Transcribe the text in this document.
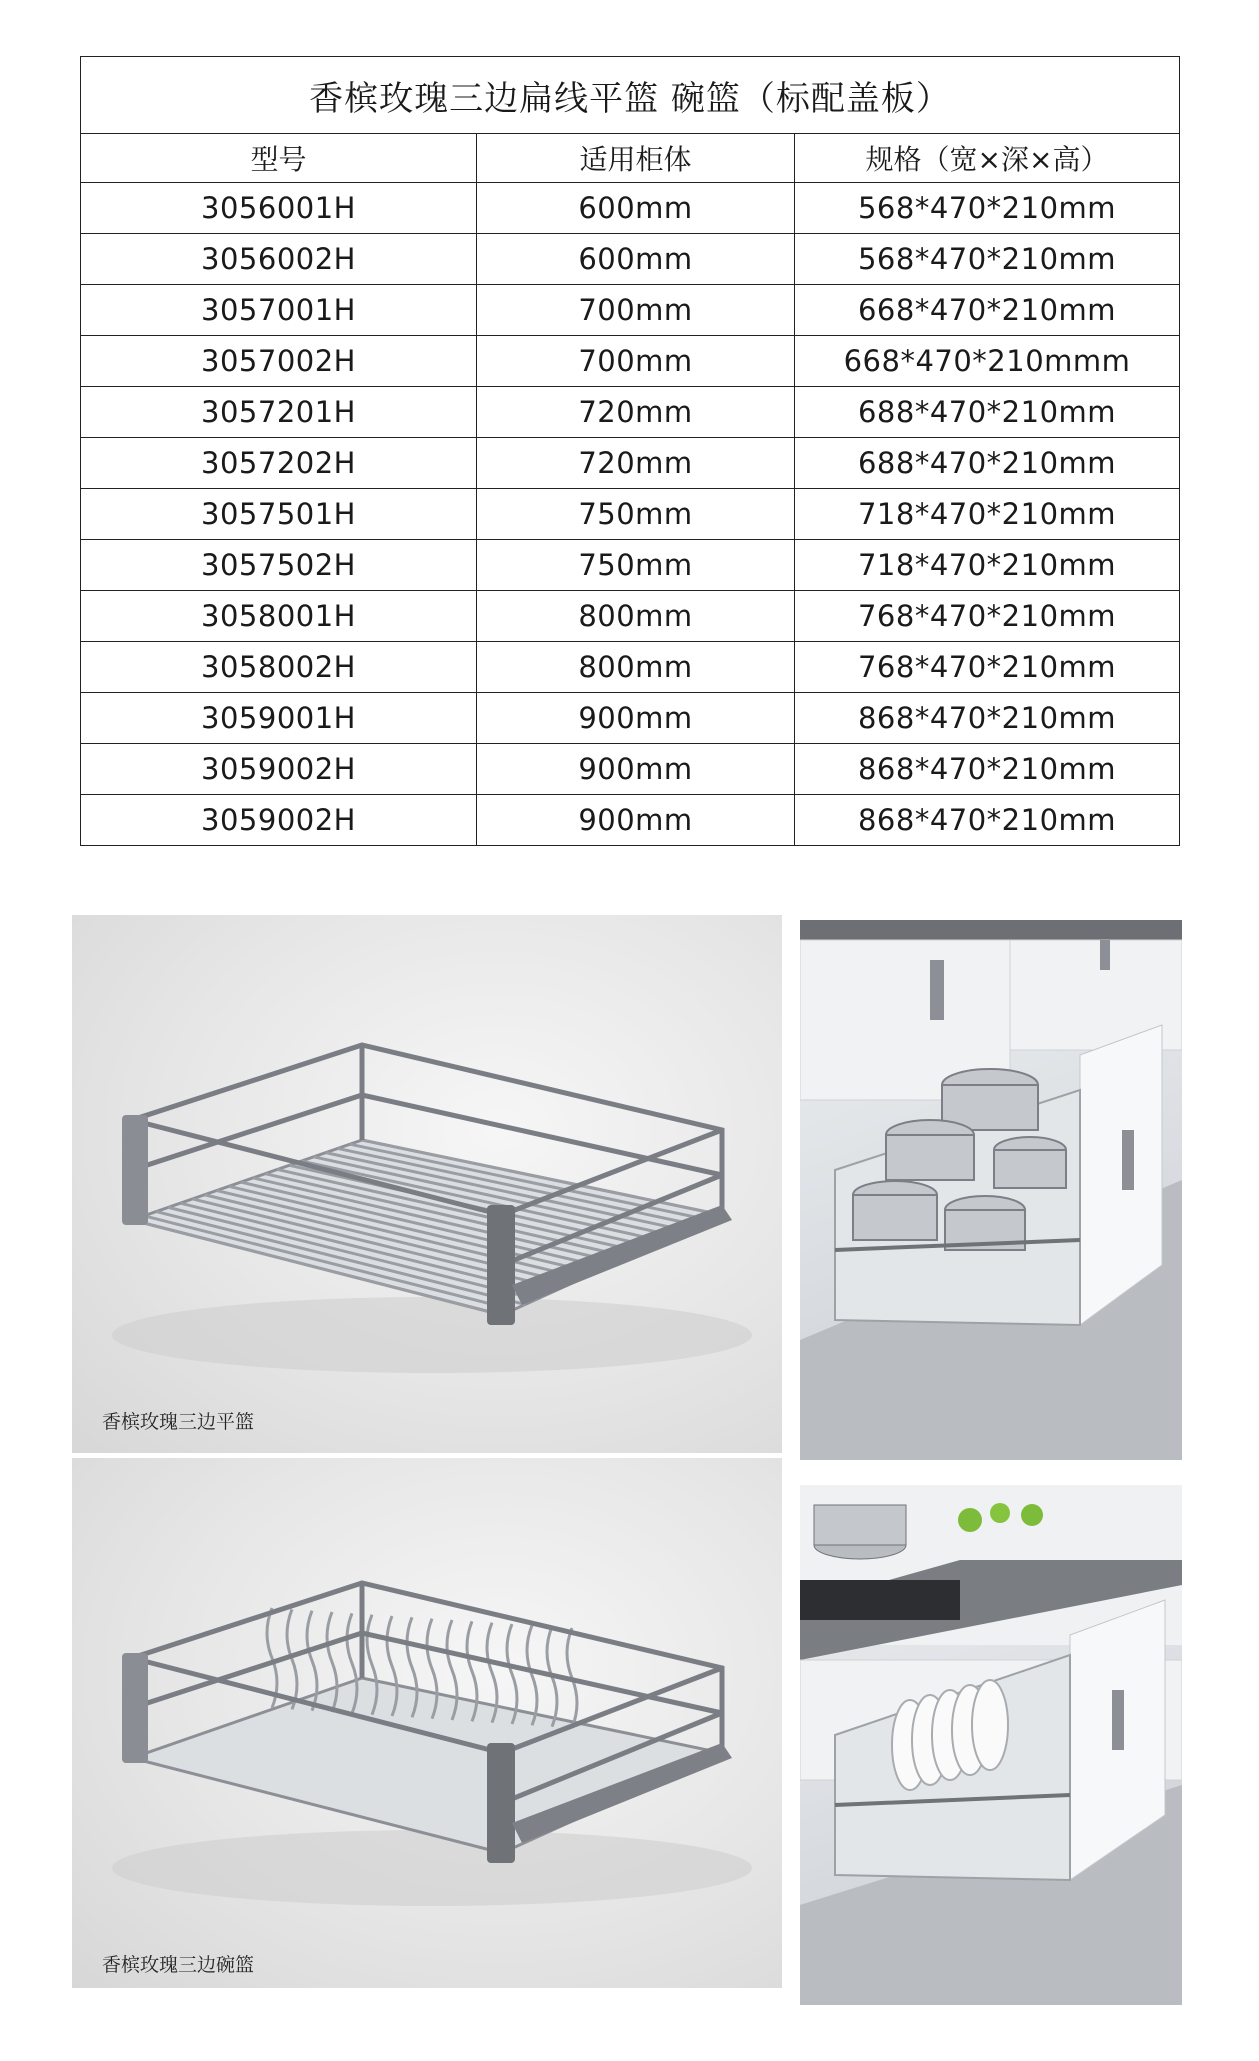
香槟玫瑰三边扁线平篮 碗篮（标配盖板）		
型号	适用柜体	规格（宽×深×高）
3056001H	600mm	568*470*210mm
3056002H	600mm	568*470*210mm
3057001H	700mm	668*470*210mm
3057002H	700mm	668*470*210mmm
3057201H	720mm	688*470*210mm
3057202H	720mm	688*470*210mm
3057501H	750mm	718*470*210mm
3057502H	750mm	718*470*210mm
3058001H	800mm	768*470*210mm
3058002H	800mm	768*470*210mm
3059001H	900mm	868*470*210mm
3059002H	900mm	868*470*210mm
3059002H	900mm	868*470*210mm
香槟玫瑰三边平篮
香槟玫瑰三边碗篮
